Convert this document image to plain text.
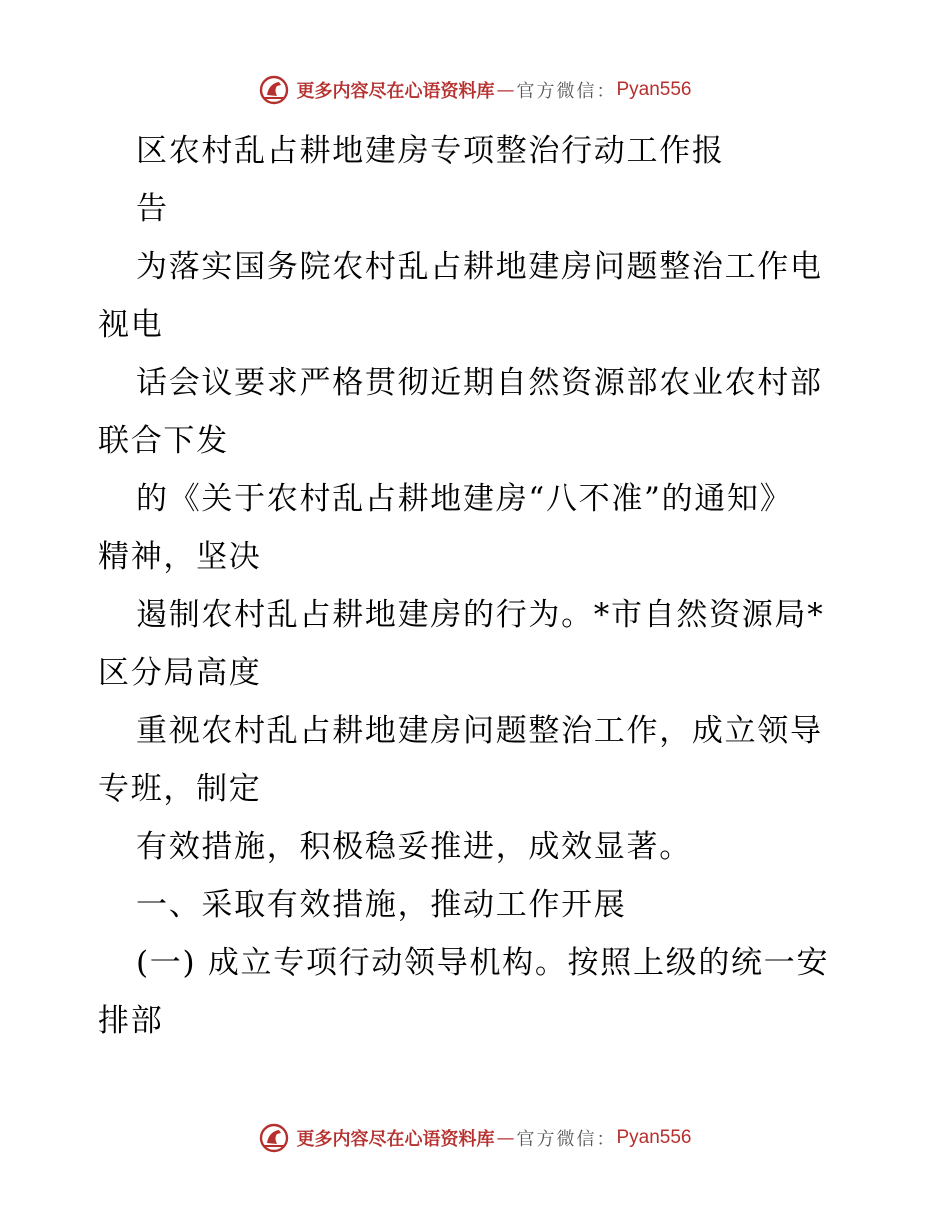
更多内容尽在心语资料库 — 官方微信： Pyan556
区农村乱占耕地建房专项整治行动工作报
告
为落实国务院农村乱占耕地建房问题整治工作电
视电
话会议要求严格贯彻近期自然资源部农业农村部
联合下发
的《关于农村乱占耕地建房“八不准”的通知》
精神，坚决
遏制农村乱占耕地建房的行为。*市自然资源局*
区分局高度
重视农村乱占耕地建房问题整治工作，成立领导
专班，制定
有效措施，积极稳妥推进，成效显著。
一、采取有效措施，推动工作开展
(一) 成立专项行动领导机构。按照上级的统一安
排部
更多内容尽在心语资料库 — 官方微信： Pyan556
